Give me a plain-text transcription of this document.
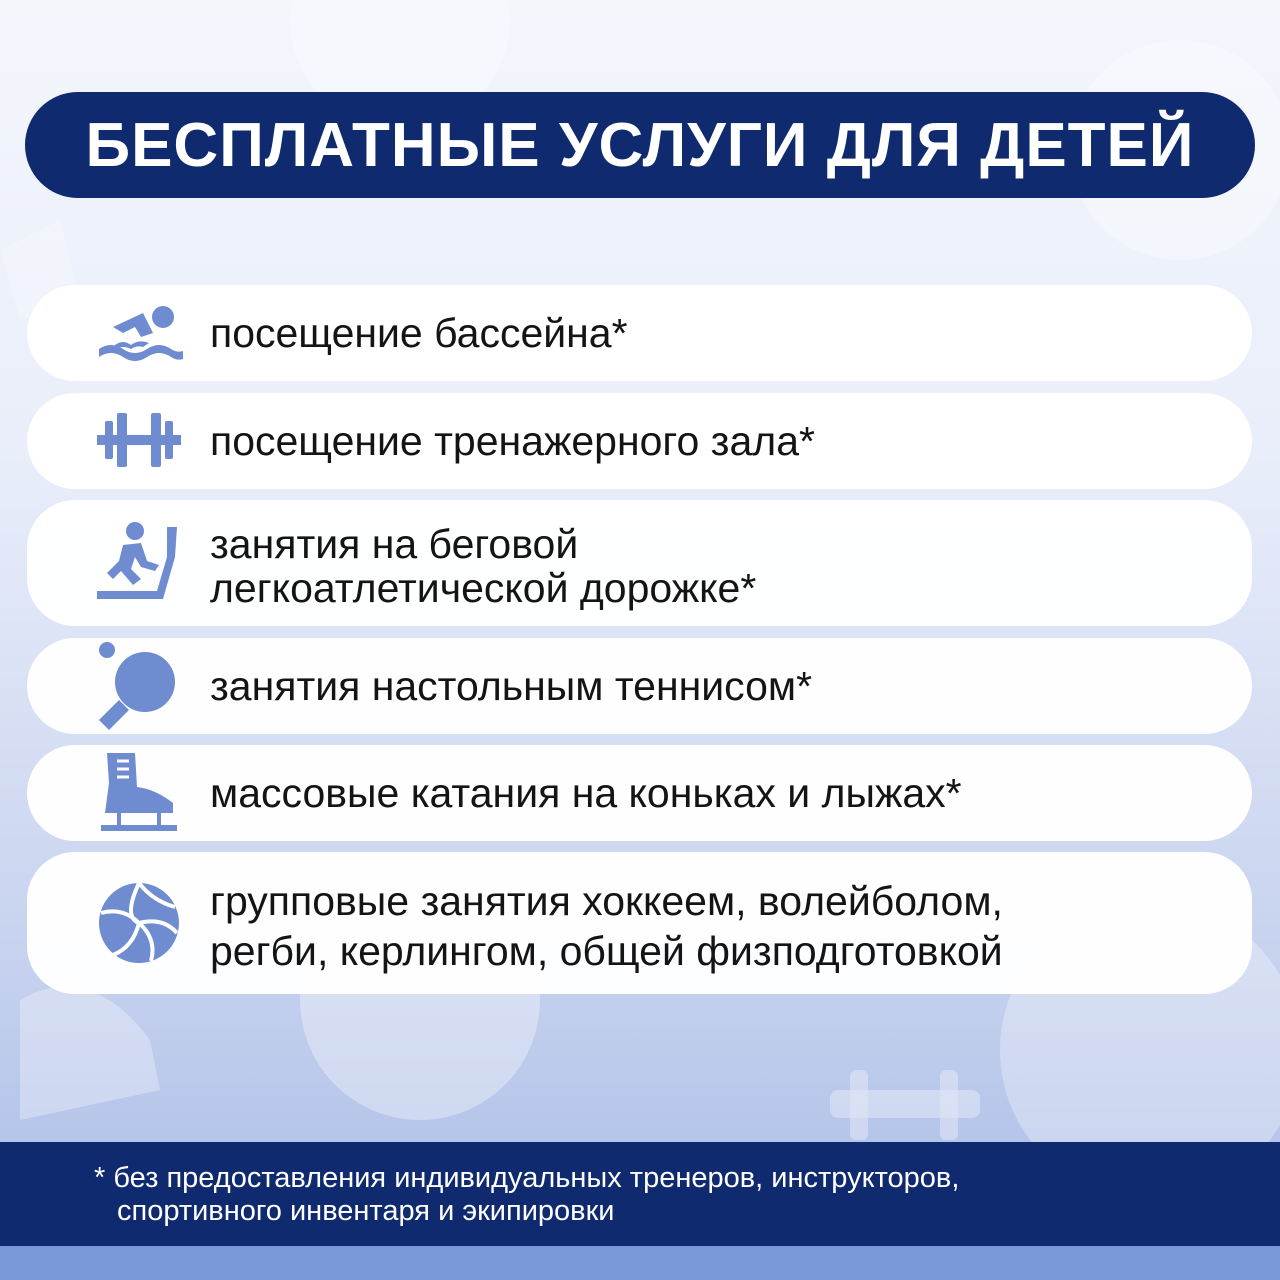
БЕСПЛАТНЫЕ УСЛУГИ ДЛЯ ДЕТЕЙ
посещение бассейна*
посещение тренажерного зала*
занятия на беговой
легкоатлетической дорожке*
занятия настольным теннисом*
массовые катания на коньках и лыжах*
групповые занятия хоккеем, волейболом,
регби, керлингом, общей физподготовкой
* без предоставления индивидуальных тренеров, инструкторов,
спортивного инвентаря и экипировки
